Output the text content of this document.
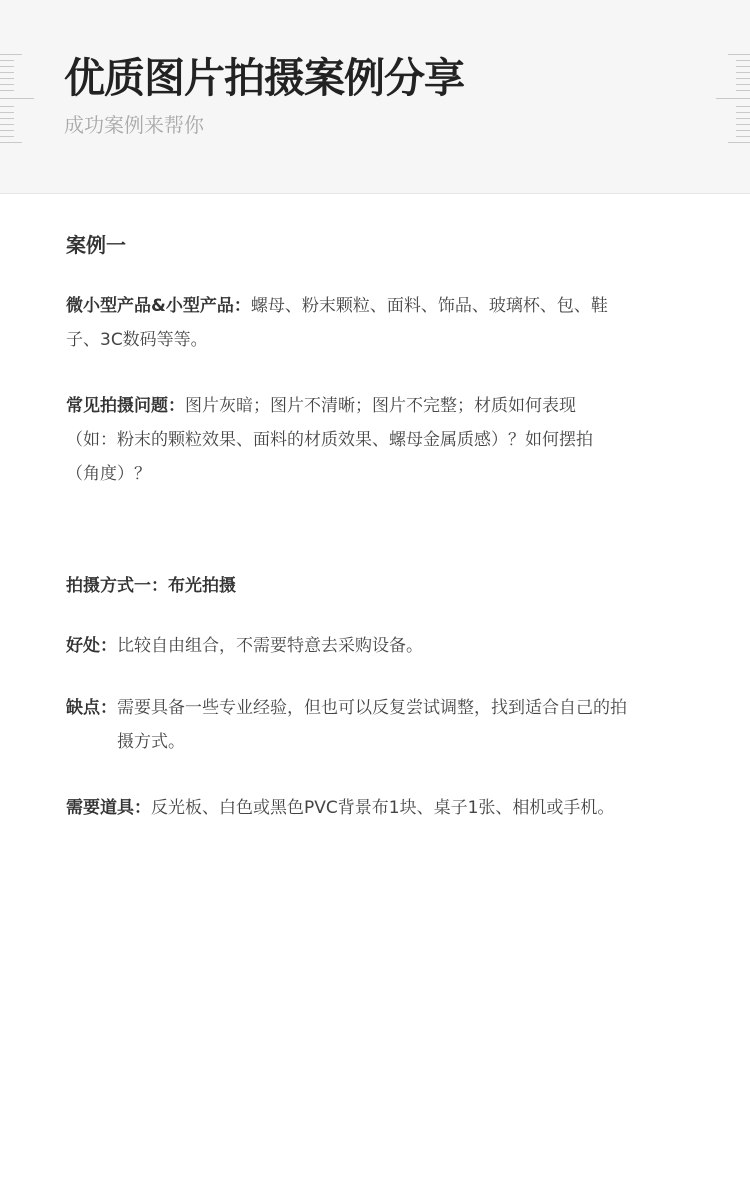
优质图片拍摄案例分享
成功案例来帮你
案例一
微小型产品&小型产品：螺母、粉末颗粒、面料、饰品、玻璃杯、包、鞋子、3C数码等等。
常见拍摄问题：图片灰暗；图片不清晰；图片不完整；材质如何表现（如：粉末的颗粒效果、面料的材质效果、螺母金属质感）？如何摆拍（角度）？
拍摄方式一：布光拍摄
好处： 比较自由组合，不需要特意去采购设备。
缺点： 需要具备一些专业经验，但也可以反复尝试调整，找到适合自己的拍摄方式。
需要道具： 反光板、白色或黑色PVC背景布1块、桌子1张、相机或手机。
